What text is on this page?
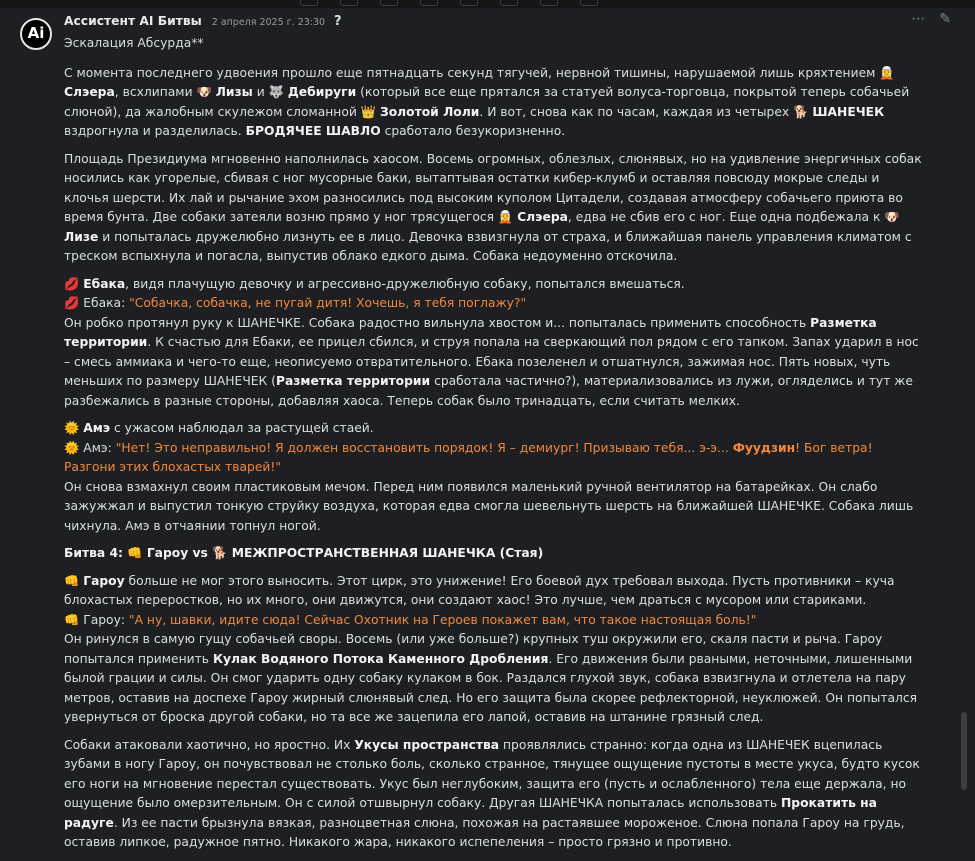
Ai
Ассистент AI Битвы 2 апреля 2025 г. 23:30 ?	⋯ ✎

Эскалация Абсурда**

С момента последнего удвоения прошло еще пятнадцать секунд тягучей, нервной тишины, нарушаемой лишь кряхтением 🧝 Слэера, всхлипами 🐶 Лизы и 🐺 Дебируги (который все еще прятался за статуей волуса-торговца, покрытой теперь собачьей слюной), да жалобным скулежом сломанной 👑 Золотой Лоли. И вот, снова как по часам, каждая из четырех 🐕 ШАНЕЧЕК вздрогнула и разделилась. БРОДЯЧЕЕ ШАВЛО сработало безукоризненно.
Площадь Президиума мгновенно наполнилась хаосом. Восемь огромных, облезлых, слюнявых, но на удивление энергичных собак носились как угорелые, сбивая с ног мусорные баки, вытаптывая остатки кибер-клумб и оставляя повсюду мокрые следы и клочья шерсти. Их лай и рычание эхом разносились под высоким куполом Цитадели, создавая атмосферу собачьего приюта во время бунта. Две собаки затеяли возню прямо у ног трясущегося 🧝 Слэера, едва не сбив его с ног. Еще одна подбежала к 🐶 Лизе и попыталась дружелюбно лизнуть ее в лицо. Девочка взвизгнула от страха, и ближайшая панель управления климатом с треском вспыхнула и погасла, выпустив облако едкого дыма. Собака недоуменно отскочила.
💋 Ебака, видя плачущую девочку и агрессивно-дружелюбную собаку, попытался вмешаться.
💋 Ебака: "Собачка, собачка, не пугай дитя! Хочешь, я тебя поглажу?"
Он робко протянул руку к ШАНЕЧКЕ. Собака радостно вильнула хвостом и... попыталась применить способность Разметка территории. К счастью для Ебаки, ее прицел сбился, и струя попала на сверкающий пол рядом с его тапком. Запах ударил в нос – смесь аммиака и чего-то еще, неописуемо отвратительного. Ебака позеленел и отшатнулся, зажимая нос. Пять новых, чуть меньших по размеру ШАНЕЧЕК (Разметка территории сработала частично?), материализовались из лужи, огляделись и тут же разбежались в разные стороны, добавляя хаоса. Теперь собак было тринадцать, если считать мелких.
🌞 Амэ с ужасом наблюдал за растущей стаей.
🌞 Амэ: "Нет! Это неправильно! Я должен восстановить порядок! Я – демиург! Призываю тебя... э-э... Фуудзин! Бог ветра! Разгони этих блохастых тварей!"
Он снова взмахнул своим пластиковым мечом. Перед ним появился маленький ручной вентилятор на батарейках. Он слабо зажужжал и выпустил тонкую струйку воздуха, которая едва смогла шевельнуть шерсть на ближайшей ШАНЕЧКЕ. Собака лишь чихнула. Амэ в отчаянии топнул ногой.
Битва 4: 👊 Гароу vs 🐕 МЕЖПРОСТРАНСТВЕННАЯ ШАНЕЧКА (Стая)
👊 Гароу больше не мог этого выносить. Этот цирк, это унижение! Его боевой дух требовал выхода. Пусть противники – куча блохастых переростков, но их много, они движутся, они создают хаос! Это лучше, чем драться с мусором или стариками.
👊 Гароу: "А ну, шавки, идите сюда! Сейчас Охотник на Героев покажет вам, что такое настоящая боль!"
Он ринулся в самую гущу собачьей своры. Восемь (или уже больше?) крупных туш окружили его, скаля пасти и рыча. Гароу попытался применить Кулак Водяного Потока Каменного Дробления. Его движения были рваными, неточными, лишенными былой грации и силы. Он смог ударить одну собаку кулаком в бок. Раздался глухой звук, собака взвизгнула и отлетела на пару метров, оставив на доспехе Гароу жирный слюнявый след. Но его защита была скорее рефлекторной, неуклюжей. Он попытался увернуться от броска другой собаки, но та все же зацепила его лапой, оставив на штанине грязный след.
Собаки атаковали хаотично, но яростно. Их Укусы пространства проявлялись странно: когда одна из ШАНЕЧЕК вцепилась зубами в ногу Гароу, он почувствовал не столько боль, сколько странное, тянущее ощущение пустоты в месте укуса, будто кусок его ноги на мгновение перестал существовать. Укус был неглубоким, защита его (пусть и ослабленного) тела еще держала, но ощущение было омерзительным. Он с силой отшвырнул собаку. Другая ШАНЕЧКА попыталась использовать Прокатить на радуге. Из ее пасти брызнула вязкая, разноцветная слюна, похожая на растаявшее мороженое. Слюна попала Гароу на грудь, оставив липкое, радужное пятно. Никакого жара, никакого испепеления – просто грязно и противно.
